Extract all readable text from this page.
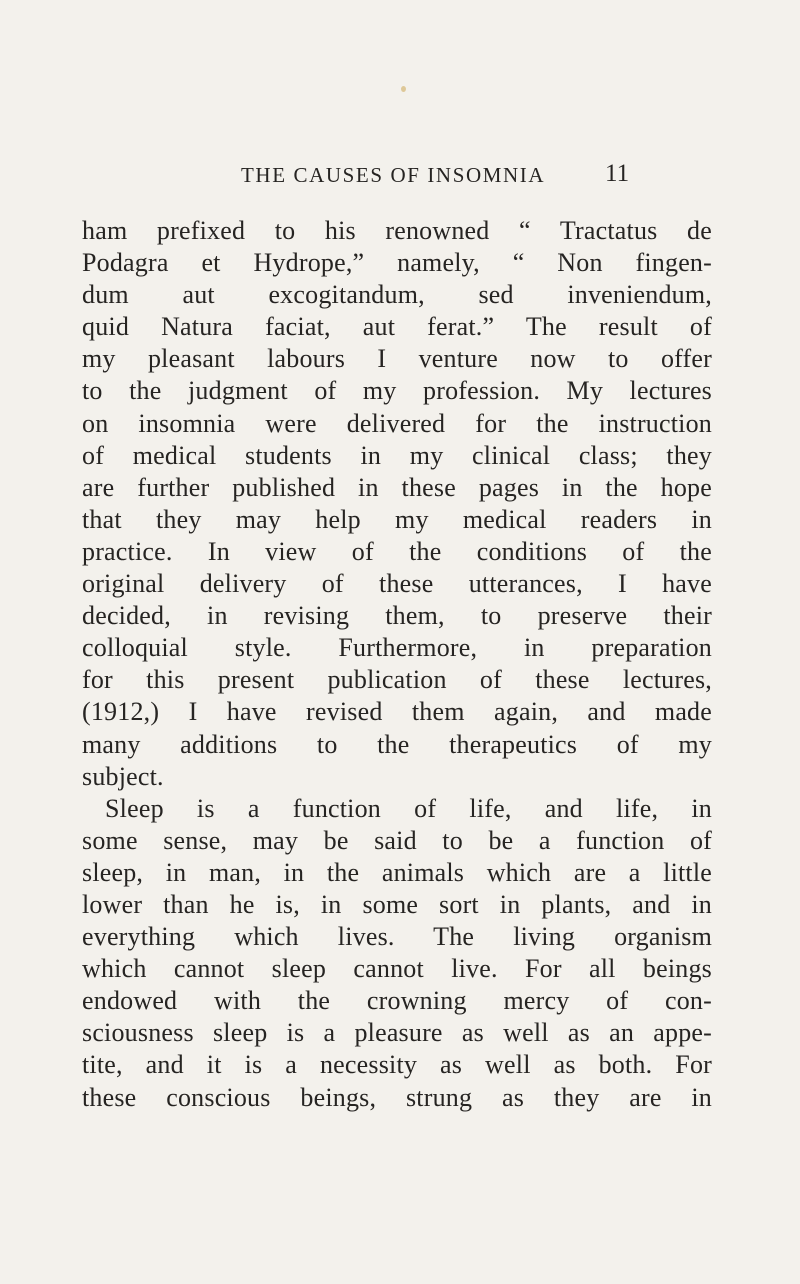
THE CAUSES OF INSOMNIA 11
ham prefixed to his renowned “ Tractatus de
Podagra et Hydrope,” namely, “ Non fingen-
dum aut excogitandum, sed inveniendum,
quid Natura faciat, aut ferat.” The result of
my pleasant labours I venture now to offer
to the judgment of my profession. My lectures
on insomnia were delivered for the instruction
of medical students in my clinical class; they
are further published in these pages in the hope
that they may help my medical readers in
practice. In view of the conditions of the
original delivery of these utterances, I have
decided, in revising them, to preserve their
colloquial style. Furthermore, in preparation
for this present publication of these lectures,
(1912,) I have revised them again, and made
many additions to the therapeutics of my
subject.
Sleep is a function of life, and life, in
some sense, may be said to be a function of
sleep, in man, in the animals which are a little
lower than he is, in some sort in plants, and in
everything which lives. The living organism
which cannot sleep cannot live. For all beings
endowed with the crowning mercy of con-
sciousness sleep is a pleasure as well as an appe-
tite, and it is a necessity as well as both. For
these conscious beings, strung as they are in
